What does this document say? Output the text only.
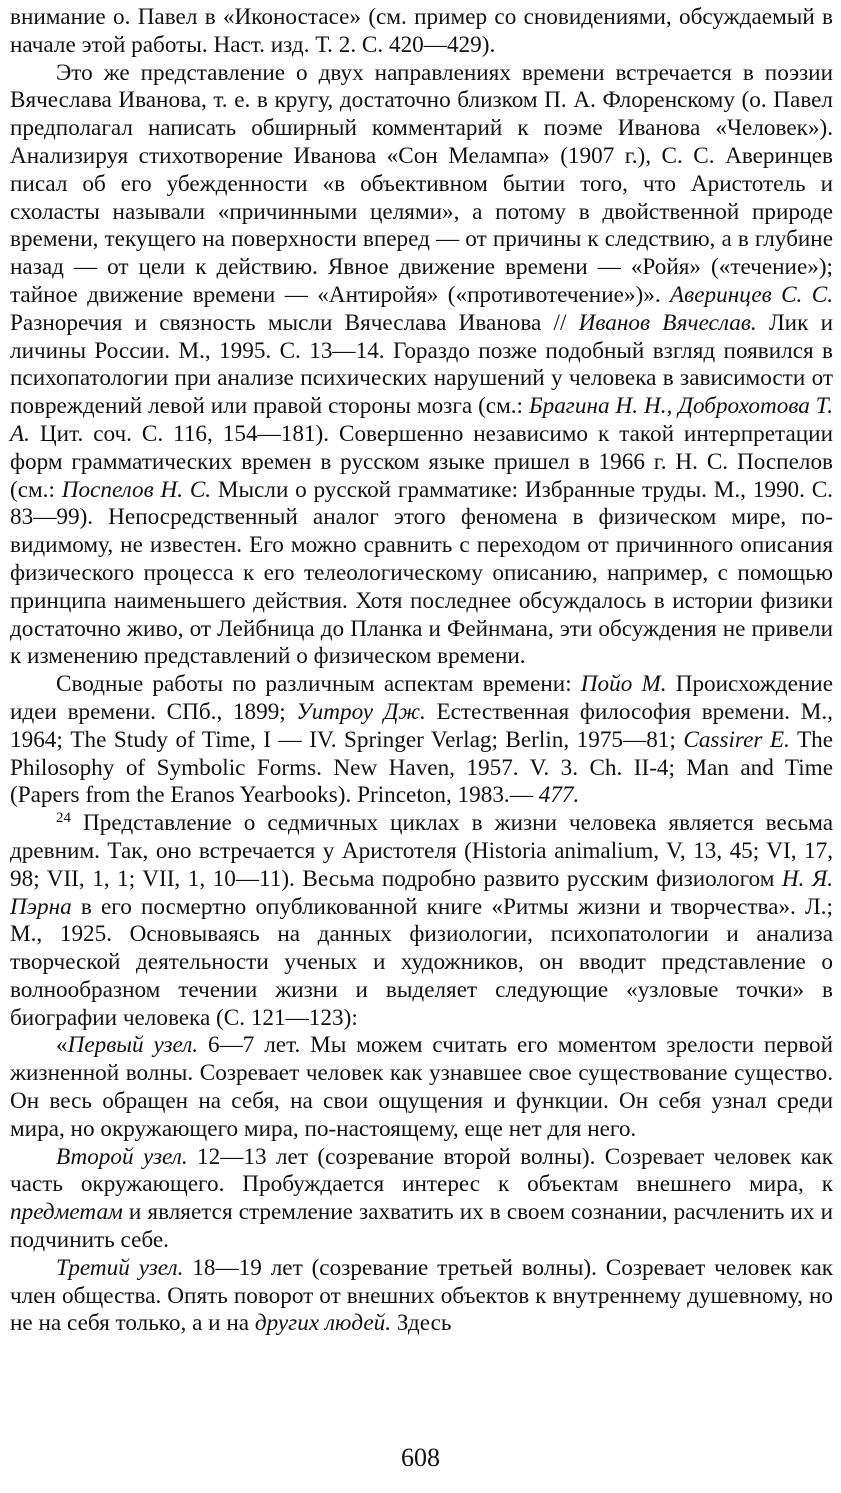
внимание о. Павел в «Иконостасе» (см. пример со сновидениями, обсуждаемый в начале этой работы. Наст. изд. Т. 2. С. 420—429).

Это же представление о двух направлениях времени встречается в поэзии Вячеслава Иванова, т. е. в кругу, достаточно близком П. А. Флоренскому (о. Павел предполагал написать обширный комментарий к поэме Иванова «Человек»). Анализируя стихотворение Иванова «Сон Мелампа» (1907 г.), С. С. Аверинцев писал об его убежденности «в объективном бытии того, что Аристотель и схоласты называли «причинными целями», а потому в двойственной природе времени, текущего на поверхности вперед — от причины к следствию, а в глубине назад — от цели к действию. Явное движение времени — «Ройя» («течение»); тайное движение времени — «Антиройя» («противотечение»)». Аверинцев С. С. Разноречия и связность мысли Вячеслава Иванова // Иванов Вячеслав. Лик и личины России. М., 1995. С. 13—14. Гораздо позже подобный взгляд появился в психопатологии при анализе психических нарушений у человека в зависимости от повреждений левой или правой стороны мозга (см.: Брагина Н. Н., Доброхотова Т. А. Цит. соч. С. 116, 154—181). Совершенно независимо к такой интерпретации форм грамматических времен в русском языке пришел в 1966 г. Н. С. Поспелов (см.: Поспелов Н. С. Мысли о русской грамматике: Избранные труды. М., 1990. С. 83—99). Непосредственный аналог этого феномена в физическом мире, по-видимому, не известен. Его можно сравнить с переходом от причинного описания физического процесса к его телеологическому описанию, например, с помощью принципа наименьшего действия. Хотя последнее обсуждалось в истории физики достаточно живо, от Лейбница до Планка и Фейнмана, эти обсуждения не привели к изменению представлений о физическом времени.

Сводные работы по различным аспектам времени: Пойо М. Происхождение идеи времени. СПб., 1899; Уитроу Дж. Естественная философия времени. М., 1964; The Study of Time, I — IV. Springer Verlag; Berlin, 1975—81; Cassirer E. The Philosophy of Symbolic Forms. New Haven, 1957. V. 3. Ch. II-4; Man and Time (Papers from the Eranos Yearbooks). Princeton, 1983.— 477.

$^{24}$ Представление о седмичных циклах в жизни человека является весьма древним. Так, оно встречается у Аристотеля (Historia animalium, V, 13, 45; VI, 17, 98; VII, 1, 1; VII, 1, 10—11). Весьма подробно развито русским физиологом Н. Я. Пэрна в его посмертно опубликованной книге «Ритмы жизни и творчества». Л.; М., 1925. Основываясь на данных физиологии, психопатологии и анализа творческой деятельности ученых и художников, он вводит представление о волнообразном течении жизни и выделяет следующие «узловые точки» в биографии человека (С. 121—123):

«Первый узел. 6—7 лет. Мы можем считать его моментом зрелости первой жизненной волны. Созревает человек как узнавшее свое существование существо. Он весь обращен на себя, на свои ощущения и функции. Он себя узнал среди мира, но окружающего мира, по-настоящему, еще нет для него.

Второй узел. 12—13 лет (созревание второй волны). Созревает человек как часть окружающего. Пробуждается интерес к объектам внешнего мира, к предметам и является стремление захватить их в своем сознании, расчленить их и подчинить себе.

Третий узел. 18—19 лет (созревание третьей волны). Созревает человек как член общества. Опять поворот от внешних объектов к внутреннему душевному, но не на себя только, а и на других людей. Здесь

608
